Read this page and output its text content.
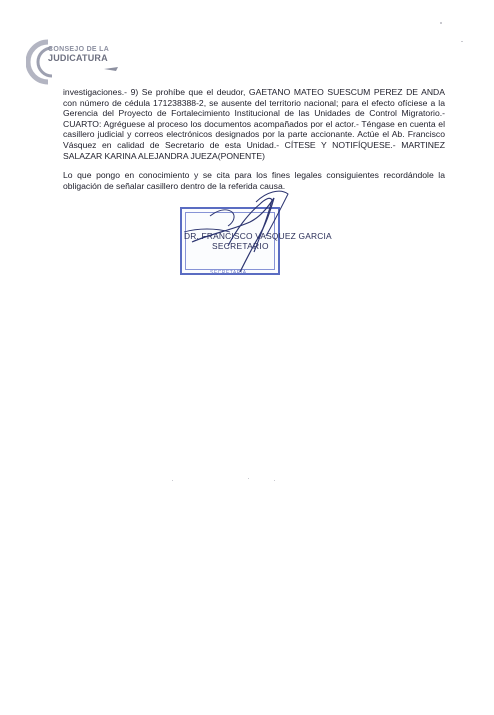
CONSEJO DE LA
JUDICATURA

investigaciones.- 9) Se prohíbe que el deudor, GAETANO MATEO SUESCUM PEREZ DE ANDA con número de cédula 171238388-2, se ausente del territorio nacional; para el efecto ofíciese a la Gerencia del Proyecto de Fortalecimiento Institucional de las Unidades de Control Migratorio.- CUARTO: Agréguese al proceso los documentos acompañados por el actor.- Téngase en cuenta el casillero judicial y correos electrónicos designados por la parte accionante. Actúe el Ab. Francisco Vásquez en calidad de Secretario de esta Unidad.- CÍTESE Y NOTIFÍQUESE.- MARTINEZ SALAZAR KARINA ALEJANDRA JUEZA(PONENTE)

Lo que pongo en conocimiento y se cita para los fines legales consiguientes recordándole la obligación de señalar casillero dentro de la referida causa.

DR. FRANCISCO VASQUEZ GARCIA
SECRETARIO
SECRETARIA
